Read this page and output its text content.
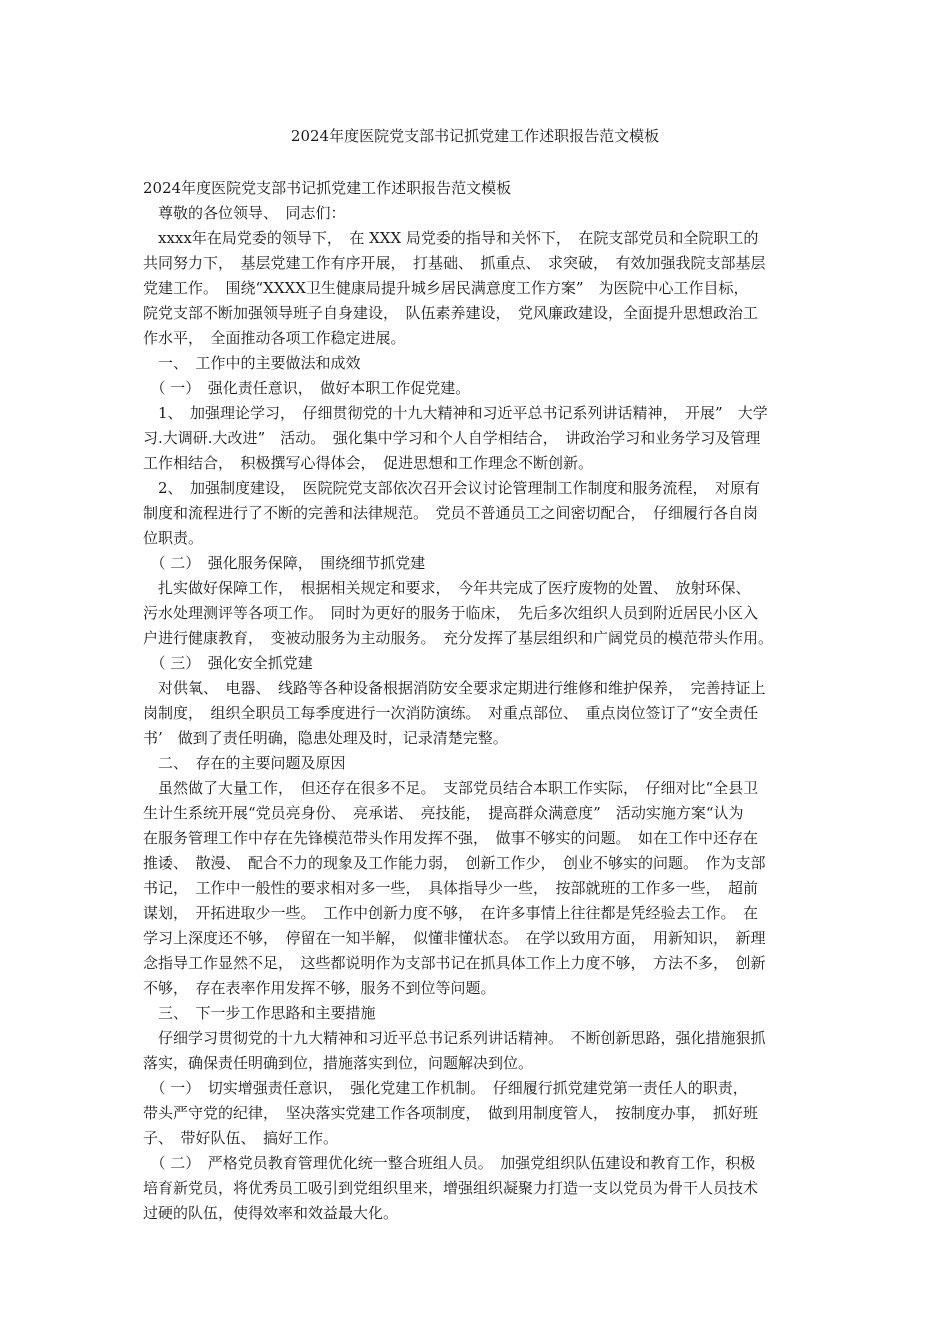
2024年度医院党支部书记抓党建工作述职报告范文模板
2024年度医院党支部书记抓党建工作述职报告范文模板
　尊敬的各位领导、　同志们：
　xxxx年在局党委的领导下，　在 XXX 局党委的指导和关怀下，　在院支部党员和全院职工的
共同努力下，　基层党建工作有序开展，　打基础、　抓重点、　求突破，　有效加强我院支部基层
党建工作。　围绕“XXXX卫生健康局提升城乡居民满意度工作方案”　为医院中心工作目标，
院党支部不断加强领导班子自身建设，　队伍素养建设，　党风廉政建设，全面提升思想政治工
作水平，　全面推动各项工作稳定进展。
　一、　工作中的主要做法和成效
　（ 一）　强化责任意识，　做好本职工作促党建。
　1、　加强理论学习，　仔细贯彻党的十九大精神和习近平总书记系列讲话精神，　开展”　大学
习.大调研.大改进”　活动。　强化集中学习和个人自学相结合，　讲政治学习和业务学习及管理
工作相结合，　积极撰写心得体会，　促进思想和工作理念不断创新。
　2、　加强制度建设，　医院院党支部依次召开会议讨论管理制工作制度和服务流程，　对原有
制度和流程进行了不断的完善和法律规范。　党员不普通员工之间密切配合，　仔细履行各自岗
位职责。
　（ 二）　强化服务保障，　围绕细节抓党建
　扎实做好保障工作，　根据相关规定和要求，　今年共完成了医疗废物的处置、　放射环保、
污水处理测评等各项工作。　同时为更好的服务于临床，　先后多次组织人员到附近居民小区入
户进行健康教育，　变被动服务为主动服务。　充分发挥了基层组织和广阔党员的模范带头作用。
　（ 三）　强化安全抓党建
　对供氧、　电器、　线路等各种设备根据消防安全要求定期进行维修和维护保养，　完善持证上
岗制度，　组织全职员工每季度进行一次消防演练。　对重点部位、　重点岗位签订了“安全责任
书’　做到了责任明确，隐患处理及时，记录清楚完整。
　二、　存在的主要问题及原因
　虽然做了大量工作，　但还存在很多不足。　支部党员结合本职工作实际，　仔细对比“全县卫
生计生系统开展“党员亮身份、　亮承诺、　亮技能，　提高群众满意度”　活动实施方案“认为
在服务管理工作中存在先锋模范带头作用发挥不强，　做事不够实的问题。　如在工作中还存在
推诿、　散漫、　配合不力的现象及工作能力弱，　创新工作少，　创业不够实的问题。　作为支部
书记，　工作中一般性的要求相对多一些，　具体指导少一些，　按部就班的工作多一些，　超前
谋划，　开拓进取少一些。　工作中创新力度不够，　在许多事情上往往都是凭经验去工作。　在
学习上深度还不够，　停留在一知半解，　似懂非懂状态。　在学以致用方面，　用新知识，　新理
念指导工作显然不足，　这些都说明作为支部书记在抓具体工作上力度不够，　方法不多，　创新
不够，　存在表率作用发挥不够，服务不到位等问题。
　三、　下一步工作思路和主要措施
　仔细学习贯彻党的十九大精神和习近平总书记系列讲话精神。　不断创新思路，强化措施狠抓
落实，确保责任明确到位，措施落实到位，问题解决到位。
　（ 一）　切实增强责任意识，　强化党建工作机制。　仔细履行抓党建党第一责任人的职责，
带头严守党的纪律，　坚决落实党建工作各项制度，　做到用制度管人，　按制度办事，　抓好班
子、　带好队伍、　搞好工作。
　（ 二）　严格党员教育管理优化统一整合班组人员。　加强党组织队伍建设和教育工作，积极
培育新党员，将优秀员工吸引到党组织里来，增强组织凝聚力打造一支以党员为骨干人员技术
过硬的队伍，使得效率和效益最大化。
